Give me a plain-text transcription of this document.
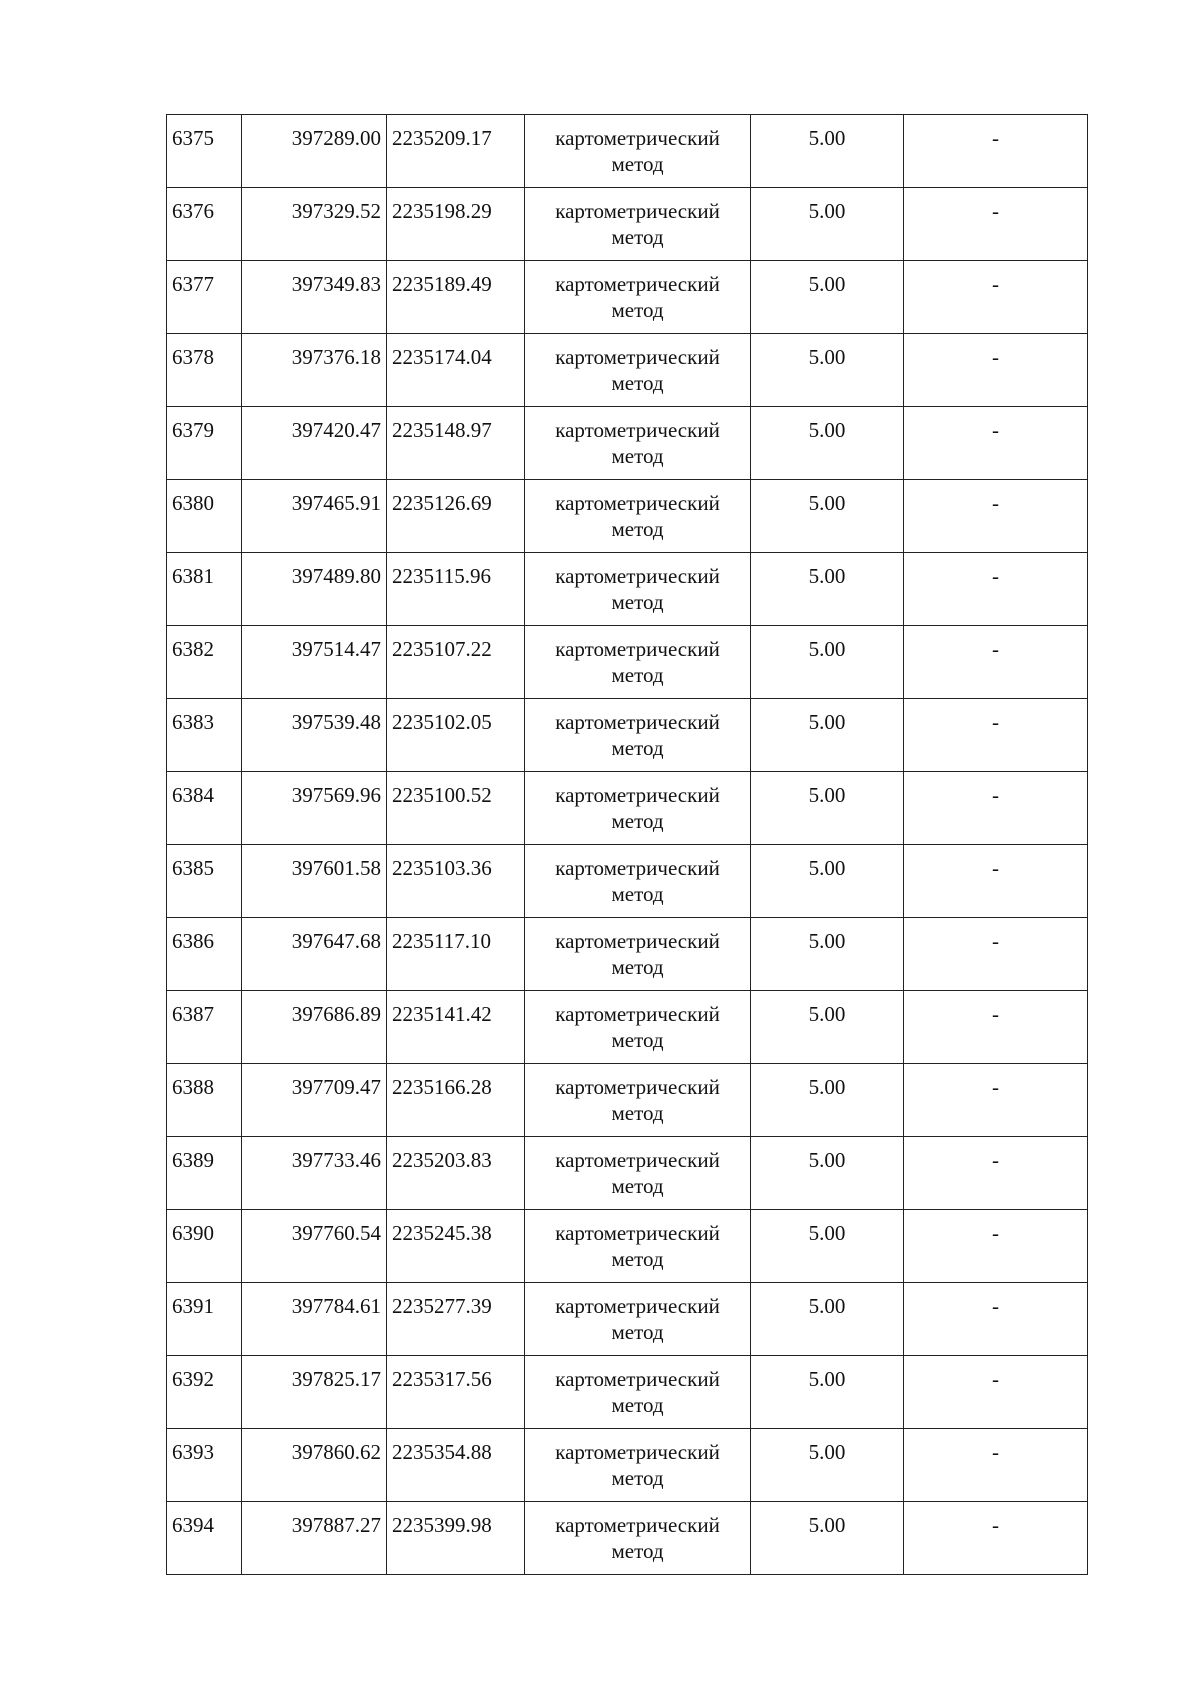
6375	397289.00	2235209.17	картометрический
метод	5.00	-
6376	397329.52	2235198.29	картометрический
метод	5.00	-
6377	397349.83	2235189.49	картометрический
метод	5.00	-
6378	397376.18	2235174.04	картометрический
метод	5.00	-
6379	397420.47	2235148.97	картометрический
метод	5.00	-
6380	397465.91	2235126.69	картометрический
метод	5.00	-
6381	397489.80	2235115.96	картометрический
метод	5.00	-
6382	397514.47	2235107.22	картометрический
метод	5.00	-
6383	397539.48	2235102.05	картометрический
метод	5.00	-
6384	397569.96	2235100.52	картометрический
метод	5.00	-
6385	397601.58	2235103.36	картометрический
метод	5.00	-
6386	397647.68	2235117.10	картометрический
метод	5.00	-
6387	397686.89	2235141.42	картометрический
метод	5.00	-
6388	397709.47	2235166.28	картометрический
метод	5.00	-
6389	397733.46	2235203.83	картометрический
метод	5.00	-
6390	397760.54	2235245.38	картометрический
метод	5.00	-
6391	397784.61	2235277.39	картометрический
метод	5.00	-
6392	397825.17	2235317.56	картометрический
метод	5.00	-
6393	397860.62	2235354.88	картометрический
метод	5.00	-
6394	397887.27	2235399.98	картометрический
метод	5.00	-
